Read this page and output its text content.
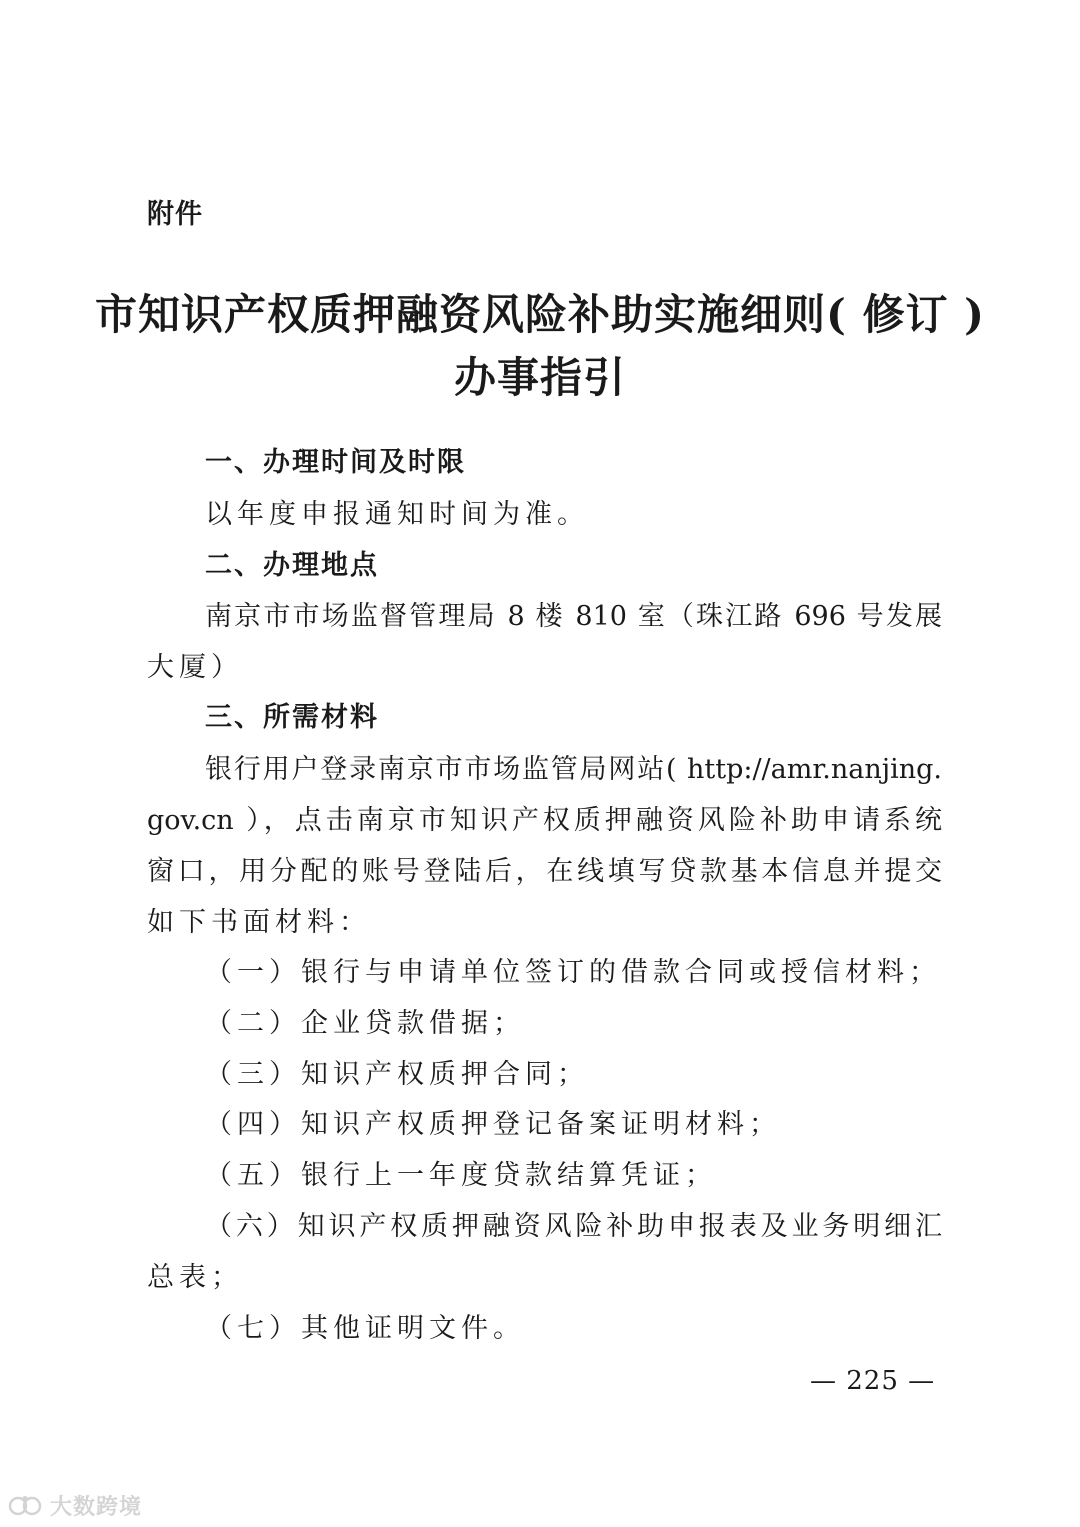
附件
市知识产权质押融资风险补助实施细则( 修订 )
办事指引
一、办理时间及时限
以年度申报通知时间为准。
二、办理地点
南京市市场监督管理局 8 楼 810 室（珠江路 696 号发展
大厦）
三、所需材料
银行用户登录南京市市场监管局网站( http://amr.nanjing.
gov.cn ），点击南京市知识产权质押融资风险补助申请系统
窗口，用分配的账号登陆后，在线填写贷款基本信息并提交
如下书面材料：
（一）银行与申请单位签订的借款合同或授信材料；
（二）企业贷款借据；
（三）知识产权质押合同；
（四）知识产权质押登记备案证明材料；
（五）银行上一年度贷款结算凭证；
（六）知识产权质押融资风险补助申报表及业务明细汇
总表；
（七）其他证明文件。
— 225 —
大数跨境
